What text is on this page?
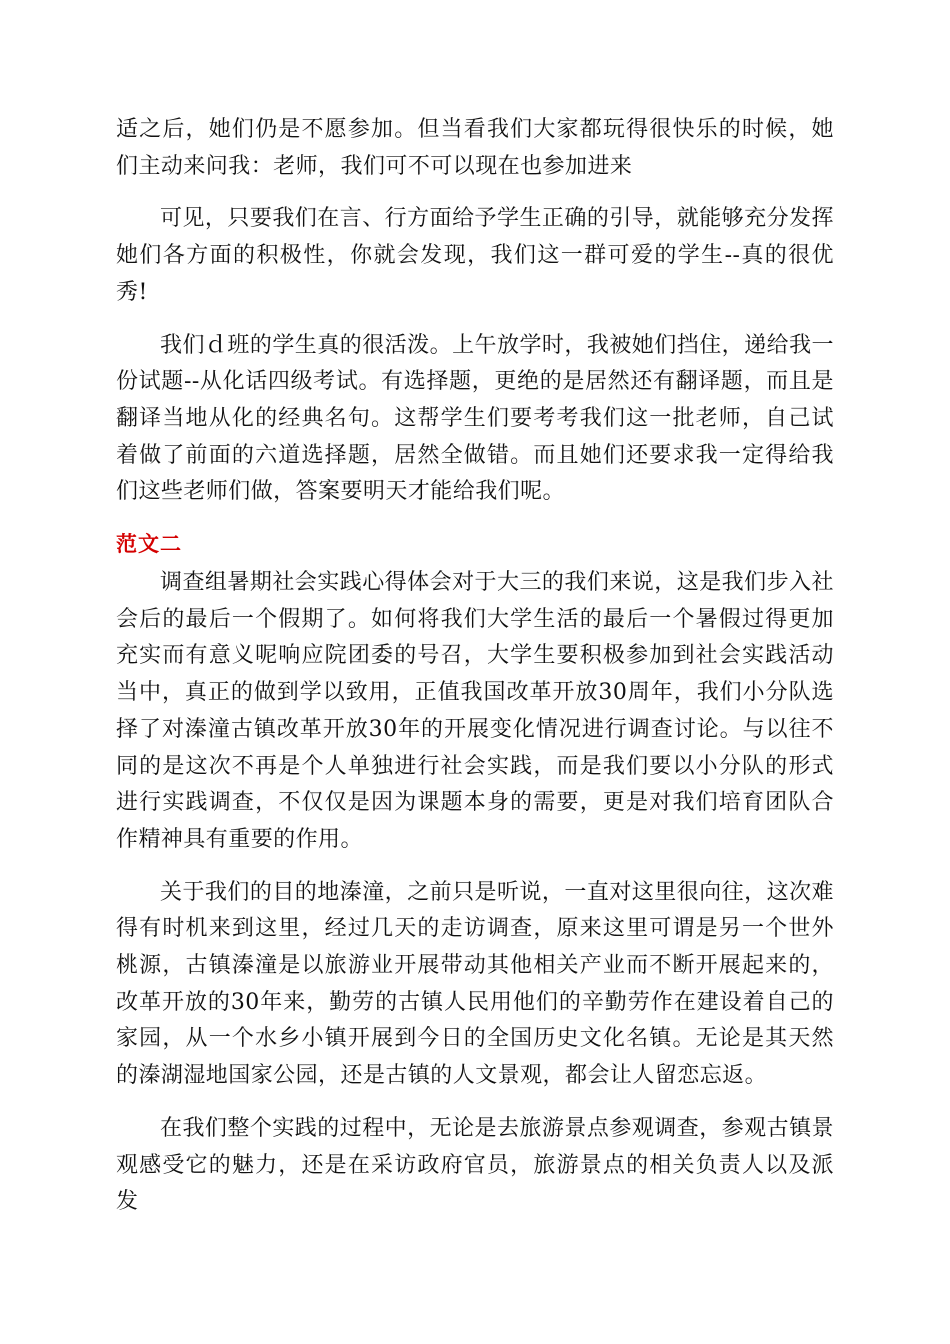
适之后，她们仍是不愿参加。但当看我们大家都玩得很快乐的时候，她们主动来问我：老师，我们可不可以现在也参加进来

可见，只要我们在言、行方面给予学生正确的引导，就能够充分发挥她们各方面的积极性，你就会发现，我们这一群可爱的学生--真的很优秀!

我们ｄ班的学生真的很活泼。上午放学时，我被她们挡住，递给我一份试题--从化话四级考试。有选择题，更绝的是居然还有翻译题，而且是翻译当地从化的经典名句。这帮学生们要考考我们这一批老师，自己试着做了前面的六道选择题，居然全做错。而且她们还要求我一定得给我们这些老师们做，答案要明天才能给我们呢。

范文二

调查组暑期社会实践心得体会对于大三的我们来说，这是我们步入社会后的最后一个假期了。如何将我们大学生活的最后一个暑假过得更加充实而有意义呢响应院团委的号召，大学生要积极参加到社会实践活动当中，真正的做到学以致用，正值我国改革开放30周年，我们小分队选择了对溱潼古镇改革开放30年的开展变化情况进行调查讨论。与以往不同的是这次不再是个人单独进行社会实践，而是我们要以小分队的形式进行实践调查，不仅仅是因为课题本身的需要，更是对我们培育团队合作精神具有重要的作用。

关于我们的目的地溱潼，之前只是听说，一直对这里很向往，这次难得有时机来到这里，经过几天的走访调查，原来这里可谓是另一个世外桃源，古镇溱潼是以旅游业开展带动其他相关产业而不断开展起来的，改革开放的30年来，勤劳的古镇人民用他们的辛勤劳作在建设着自己的家园，从一个水乡小镇开展到今日的全国历史文化名镇。无论是其天然的溱湖湿地国家公园，还是古镇的人文景观，都会让人留恋忘返。

在我们整个实践的过程中，无论是去旅游景点参观调查，参观古镇景观感受它的魅力，还是在采访政府官员，旅游景点的相关负责人以及派发
